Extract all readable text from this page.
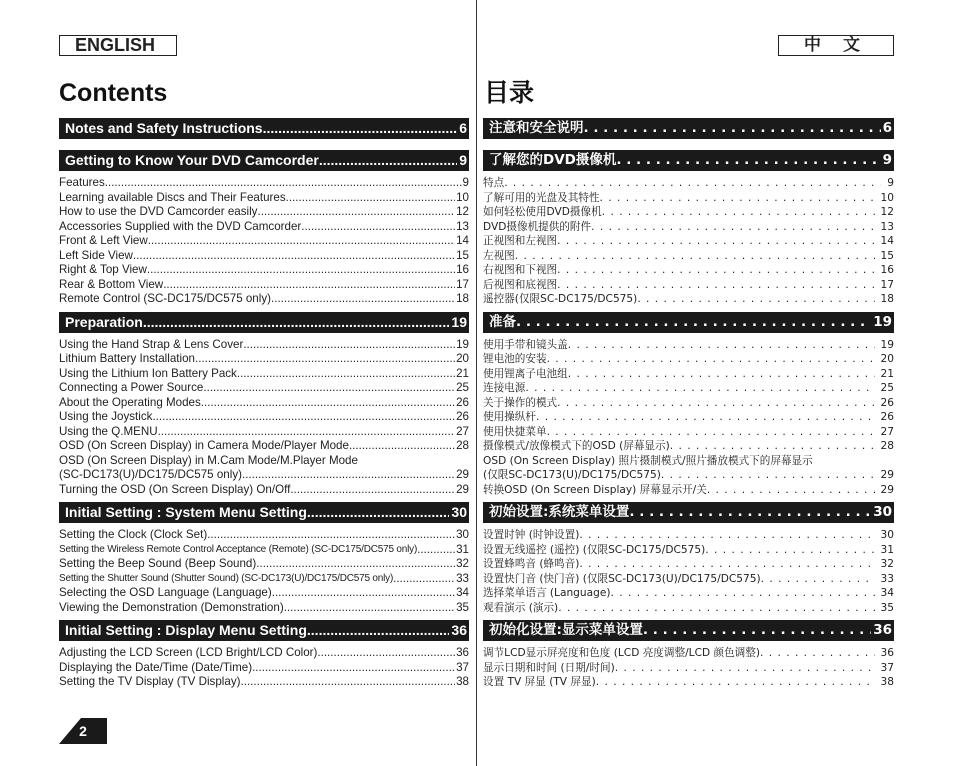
ENGLISH	中 文
Contents	目录
Notes and Safety Instructions .....	6
Getting to Know Your DVD Camcorder .....	9
Features .....	9
Learning available Discs and Their Features .....	10
How to use the DVD Camcorder easily .....	12
Accessories Supplied with the DVD Camcorder .....	13
Front & Left View .....	14
Left Side View .....	15
Right & Top View .....	16
Rear & Bottom View .....	17
Remote Control (SC-DC175/DC575 only) .....	18
Preparation .....	19
Using the Hand Strap & Lens Cover .....	19
Lithium Battery Installation .....	20
Using the Lithium Ion Battery Pack .....	21
Connecting a Power Source .....	25
About the Operating Modes .....	26
Using the Joystick .....	26
Using the Q.MENU .....	27
OSD (On Screen Display) in Camera Mode/Player Mode .....	28
OSD (On Screen Display) in M.Cam Mode/M.Player Mode
(SC-DC173(U)/DC175/DC575 only) .....	29
Turning the OSD (On Screen Display) On/Off .....	29
Initial Setting : System Menu Setting .....	30
Setting the Clock (Clock Set) .....	30
Setting the Wireless Remote Control Acceptance (Remote) (SC-DC175/DC575 only) .....	31
Setting the Beep Sound (Beep Sound) .....	32
Setting the Shutter Sound (Shutter Sound) (SC-DC173(U)/DC175/DC575 only) .....	33
Selecting the OSD Language (Language) .....	34
Viewing the Demonstration (Demonstration) .....	35
Initial Setting : Display Menu Setting .....	36
Adjusting the LCD Screen (LCD Bright/LCD Color) .....	36
Displaying the Date/Time (Date/Time) .....	37
Setting the TV Display (TV Display) .....	38
注意和安全说明 . .	6
了解您的DVD摄像机 . .	9
特点 . . .	9
了解可用的光盘及其特性 . . .	10
如何轻松使用DVD摄像机 . . .	12
DVD摄像机提供的附件 . . .	13
正视图和左视图 . . .	14
左视图 . . .	15
右视图和下视图 . . .	16
后视图和底视图 . . .	17
遥控器(仅限SC-DC175/DC575) . . .	18
准备 . .	19
使用手带和镜头盖 . . .	19
锂电池的安装 . . .	20
使用锂离子电池组 . . .	21
连接电源 . . .	25
关于操作的模式 . . .	26
使用操纵杆 . . .	26
使用快捷菜单 . . .	27
摄像模式/放像模式下的OSD (屏幕显示) . . .	28
OSD (On Screen Display) 照片摄制模式/照片播放模式下的屏幕显示
(仅限SC-DC173(U)/DC175/DC575) . . .	29
转换OSD (On Screen Display) 屏幕显示开/关 . . .	29
初始设置:系统菜单设置 . .	30
设置时钟 (时钟设置) . . .	30
设置无线遥控 (遥控) (仅限SC-DC175/DC575) . . .	31
设置蜂鸣音 (蜂鸣音) . . .	32
设置快门音 (快门音) (仅限SC-DC173(U)/DC175/DC575) . . .	33
选择菜单语言 (Language) . . .	34
观看演示 (演示) . . .	35
初始化设置:显示菜单设置 . .	36
调节LCD显示屏亮度和色度 (LCD 亮度调整/LCD 颜色调整) . . .	36
显示日期和时间 (日期/时间) . . .	37
设置 TV 屏显 (TV 屏显) . . .	38
2
